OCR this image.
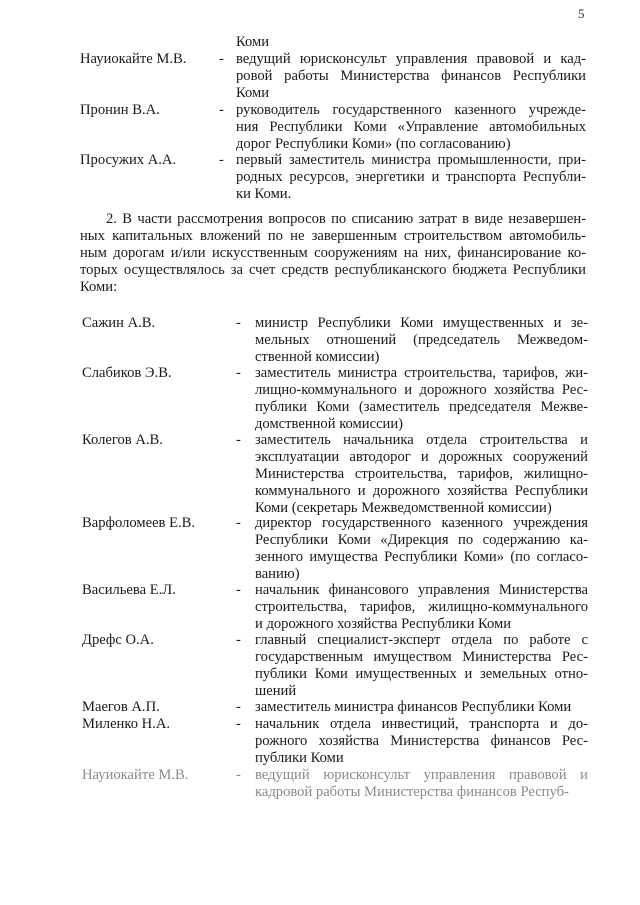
5
Коми
Науиокайте М.В. - ведущий юрисконсульт управления правовой и кад-
ровой работы Министерства финансов Республики
Коми
Пронин В.А.	- руководитель государственного казенного учрежде-
ния Республики Коми «Управление автомобильных
дорог Республики Коми» (по согласованию)
Просужих А.А.	- первый заместитель министра промышленности, при-
родных ресурсов, энергетики и транспорта Республи-
ки Коми.
2. В части рассмотрения вопросов по списанию затрат в виде незавершен-
ных капитальных вложений по не завершенным строительством автомобиль-
ным дорогам и/или искусственным сооружениям на них, финансирование ко-
торых осуществлялось за счет средств республиканского бюджета Республики
Коми:
Сажин А.В.	- министр Республики Коми имущественных и зе-
мельных отношений (председатель Межведом-
ственной комиссии)
Слабиков Э.В.	- заместитель министра строительства, тарифов, жи-
лищно-коммунального и дорожного хозяйства Рес-
публики Коми (заместитель председателя Межве-
домственной комиссии)
Колегов А.В.	- заместитель начальника отдела строительства и
эксплуатации автодорог и дорожных сооружений
Министерства строительства, тарифов, жилищно-
коммунального и дорожного хозяйства Республики
Коми (секретарь Межведомственной комиссии)
Варфоломеев Е.В.	- директор государственного казенного учреждения
Республики Коми «Дирекция по содержанию ка-
зенного имущества Республики Коми» (по согласо-
ванию)
Васильева Е.Л.	- начальник финансового управления Министерства
строительства, тарифов, жилищно-коммунального
и дорожного хозяйства Республики Коми
Дрефс О.А.	- главный специалист-эксперт отдела по работе с
государственным имуществом Министерства Рес-
публики Коми имущественных и земельных отно-
шений
Маегов А.П.	- заместитель министра финансов Республики Коми
Миленко Н.А.	- начальник отдела инвестиций, транспорта и до-
рожного хозяйства Министерства финансов Рес-
публики Коми
Науиокайте М.В.	- ведущий юрисконсульт управления правовой и
кадровой работы Министерства финансов Респуб-
